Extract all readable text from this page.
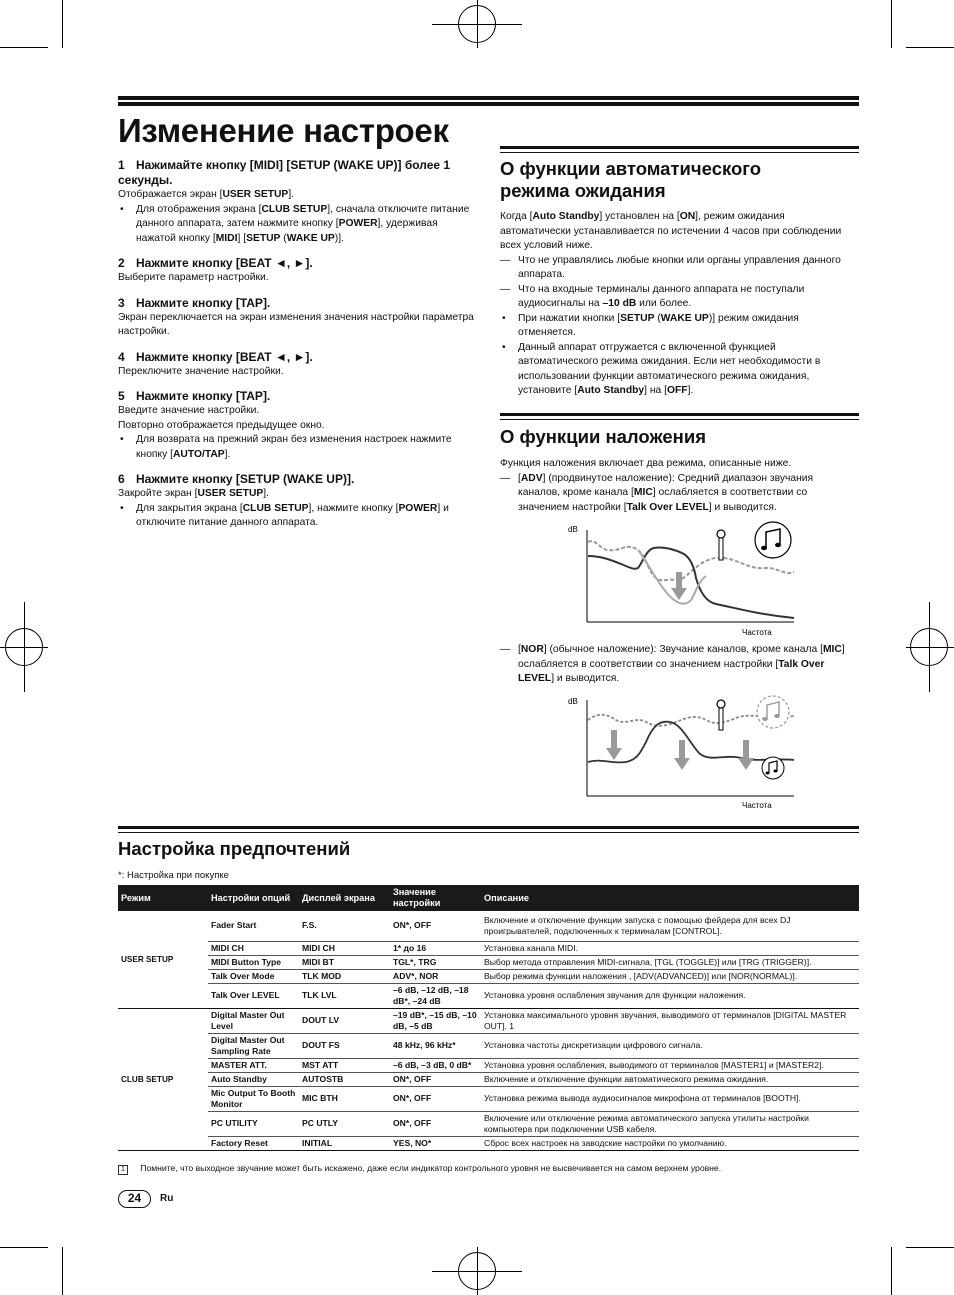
Изменение настроек
1 Нажимайте кнопку [MIDI] [SETUP (WAKE UP)] более 1 секунды.

Отображается экран [USER SETUP].

• Для отображения экрана [CLUB SETUP], сначала отключите питание данного аппарата, затем нажмите кнопку [POWER], удерживая нажатой кнопку [MIDI] [SETUP (WAKE UP)].

2 Нажмите кнопку [BEAT ◄, ►].

Выберите параметр настройки.

3 Нажмите кнопку [TAP].

Экран переключается на экран изменения значения настройки параметра настройки.

4 Нажмите кнопку [BEAT ◄, ►].

Переключите значение настройки.

5 Нажмите кнопку [TAP].

Введите значение настройки.

Повторно отображается предыдущее окно.

• Для возврата на прежний экран без изменения настроек нажмите кнопку [AUTO/TAP].

6 Нажмите кнопку [SETUP (WAKE UP)].

Закройте экран [USER SETUP].

• Для закрытия экрана [CLUB SETUP], нажмите кнопку [POWER] и отключите питание данного аппарата.

О функции автоматического режима ожидания

Когда [Auto Standby] установлен на [ON], режим ожидания автоматически устанавливается по истечении 4 часов при соблюдении всех условий ниже.

— Что не управлялись любые кнопки или органы управления данного аппарата.

— Что на входные терминалы данного аппарата не поступали аудиосигналы на –10 dB или более.

• При нажатии кнопки [SETUP (WAKE UP)] режим ожидания отменяется.

• Данный аппарат отгружается с включенной функцией автоматического режима ожидания. Если нет необходимости в использовании функции автоматического режима ожидания, установите [Auto Standby] на [OFF].

О функции наложения

Функция наложения включает два режима, описанные ниже.

— [ADV] (продвинутое наложение): Средний диапазон звучания каналов, кроме канала [MIC] ослабляется в соответствии со значением настройки [Talk Over LEVEL] и выводится.

dB
Частота

— [NOR] (обычное наложение): Звучание каналов, кроме канала [MIC] ослабляется в соответствии со значением настройки [Talk Over LEVEL] и выводится.

dB
Частота
Настройка предпочтений
*: Настройка при покупке
Режим	Настройки опций	Дисплей экрана	Значение настройки	Описание
USER SETUP	Fader Start	F.S.	ON*, OFF	Включение и отключение функции запуска с помощью фейдера для всех DJ проигрывателей, подключенных к терминалам [CONTROL].
	MIDI CH	MIDI CH	1* до 16	Установка канала MIDI.
	MIDI Button Type	MIDI BT	TGL*, TRG	Выбор метода отправления MIDI-сигнала, [TGL (TOGGLE)] или [TRG (TRIGGER)].
	Talk Over Mode	TLK MOD	ADV*, NOR	Выбор режима функции наложения , [ADV(ADVANCED)] или [NOR(NORMAL)].
	Talk Over LEVEL	TLK LVL	–6 dB, –12 dB, –18 dB*, –24 dB	Установка уровня ослабления звучания для функции наложения.
CLUB SETUP	Digital Master Out Level	DOUT LV	–19 dB*, –15 dB, –10 dB, –5 dB	Установка максимального уровня звучания, выводимого от терминалов [DIGITAL MASTER OUT]. 1
	Digital Master Out Sampling Rate	DOUT FS	48 kHz, 96 kHz*	Установка частоты дискретизации цифрового сигнала.
	MASTER ATT.	MST ATT	–6 dB, –3 dB, 0 dB*	Установка уровня ослабления, выводимого от терминалов [MASTER1] и [MASTER2].
	Auto Standby	AUTOSTB	ON*, OFF	Включение и отключение функции автоматического режима ожидания.
	Mic Output To Booth Monitor	MIC BTH	ON*, OFF	Установка режима вывода аудиосигналов микрофона от терминалов [BOOTH].
	PC UTILITY	PC UTLY	ON*, OFF	Включение или отключение режима автоматического запуска утилиты настройки компьютера при подключении USB кабеля.
	Factory Reset	INITIAL	YES, NO*	Сброс всех настроек на заводские настройки по умолчанию.
1 Помните, что выходное звучание может быть искажено, даже если индикатор контрольного уровня не высвечивается на самом верхнем уровне.
24	Ru
